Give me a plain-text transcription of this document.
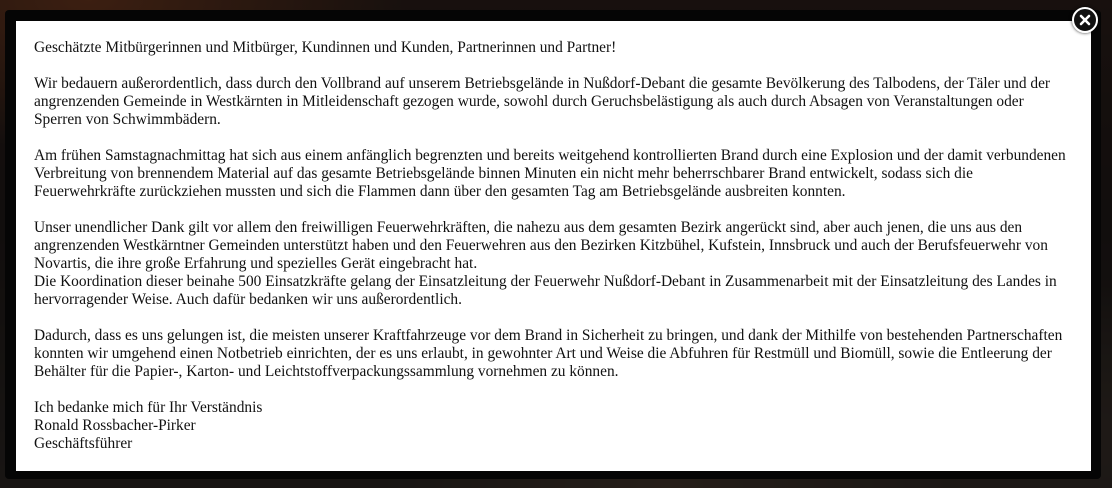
Geschätzte Mitbürgerinnen und Mitbürger, Kundinnen und Kunden, Partnerinnen und Partner!

Wir bedauern außerordentlich, dass durch den Vollbrand auf unserem Betriebsgelände in Nußdorf-Debant die gesamte Bevölkerung des Talbodens, der Täler und der angrenzenden Gemeinde in Westkärnten in Mitleidenschaft gezogen wurde, sowohl durch Geruchsbelästigung als auch durch Absagen von Veranstaltungen oder Sperren von Schwimmbädern.

Am frühen Samstagnachmittag hat sich aus einem anfänglich begrenzten und bereits weitgehend kontrollierten Brand durch eine Explosion und der damit verbundenen Verbreitung von brennendem Material auf das gesamte Betriebsgelände binnen Minuten ein nicht mehr beherrschbarer Brand entwickelt, sodass sich die Feuerwehrkräfte zurückziehen mussten und sich die Flammen dann über den gesamten Tag am Betriebsgelände ausbreiten konnten.

Unser unendlicher Dank gilt vor allem den freiwilligen Feuerwehrkräften, die nahezu aus dem gesamten Bezirk angerückt sind, aber auch jenen, die uns aus den angrenzenden Westkärntner Gemeinden unterstützt haben und den Feuerwehren aus den Bezirken Kitzbühel, Kufstein, Innsbruck und auch der Berufsfeuerwehr von Novartis, die ihre große Erfahrung und spezielles Gerät eingebracht hat.

Die Koordination dieser beinahe 500 Einsatzkräfte gelang der Einsatzleitung der Feuerwehr Nußdorf-Debant in Zusammenarbeit mit der Einsatzleitung des Landes in hervorragender Weise. Auch dafür bedanken wir uns außerordentlich.

Dadurch, dass es uns gelungen ist, die meisten unserer Kraftfahrzeuge vor dem Brand in Sicherheit zu bringen, und dank der Mithilfe von bestehenden Partnerschaften konnten wir umgehend einen Notbetrieb einrichten, der es uns erlaubt, in gewohnter Art und Weise die Abfuhren für Restmüll und Biomüll, sowie die Entleerung der Behälter für die Papier-, Karton- und Leichtstoffverpackungssammlung vornehmen zu können.

Ich bedanke mich für Ihr Verständnis

Ronald Rossbacher-Pirker

Geschäftsführer
